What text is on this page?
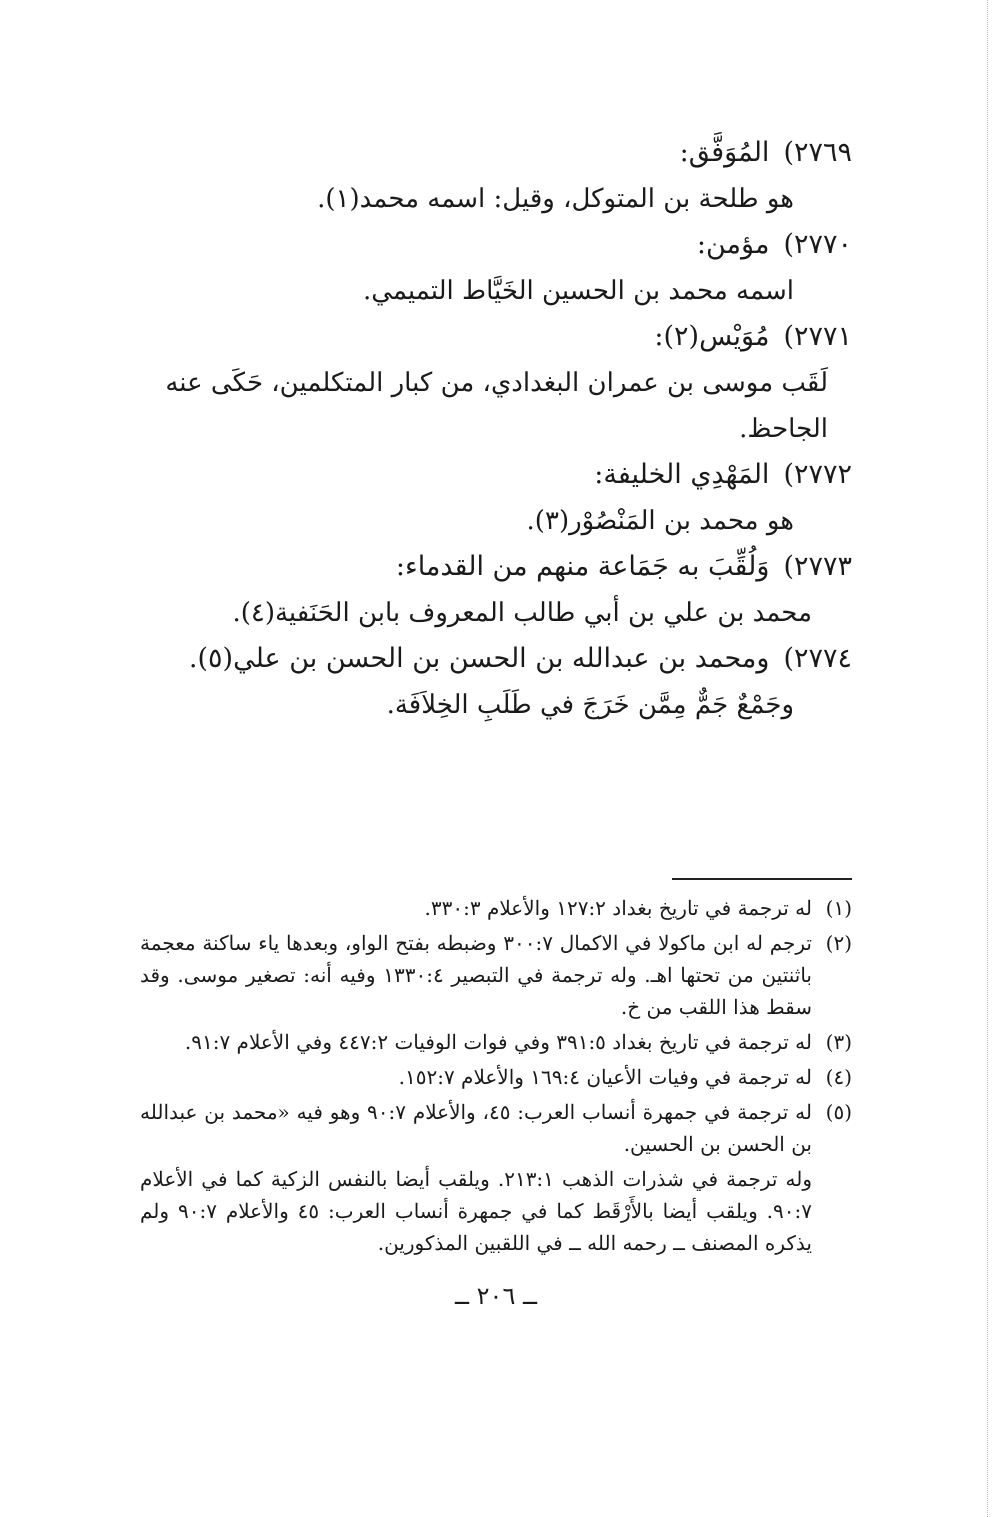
٢٧٦٩)
المُوَفَّق:
هو طلحة بن المتوكل، وقيل: اسمه محمد(١).
٢٧٧٠)
مؤمن:
اسمه محمد بن الحسين الخَيَّاط التميمي.
٢٧٧١)
مُوَيْس(٢):
لَقَب موسى بن عمران البغدادي، من كبار المتكلمين، حَكَى عنه
الجاحظ.
٢٧٧٢)
المَهْدِي الخليفة:
هو محمد بن المَنْصُوْر(٣).
٢٧٧٣)
وَلُقِّبَ به جَمَاعة منهم من القدماء:
محمد بن علي بن أبي طالب المعروف بابن الحَنَفية(٤).
٢٧٧٤)
ومحمد بن عبدالله بن الحسن بن الحسن بن علي(٥).
وجَمْعٌ جَمٌّ مِمَّن خَرَجَ في طَلَبِ الخِلاَفَة.
(١)
له ترجمة في تاريخ بغداد ١٢٧:٢ والأعلام ٣٣٠:٣.
(٢)
ترجم له ابن ماكولا في الاكمال ٣٠٠:٧ وضبطه بفتح الواو، وبعدها ياء ساكنة معجمة باثنتين من تحتها اهـ. وله ترجمة في التبصير ١٣٣٠:٤ وفيه أنه: تصغير موسى. وقد سقط هذا اللقب من خ.
(٣)
له ترجمة في تاريخ بغداد ٣٩١:٥ وفي فوات الوفيات ٤٤٧:٢ وفي الأعلام ٩١:٧.
(٤)
له ترجمة في وفيات الأعيان ١٦٩:٤ والأعلام ١٥٢:٧.
(٥)
له ترجمة في جمهرة أنساب العرب: ٤٥، والأعلام ٩٠:٧ وهو فيه «محمد بن عبدالله بن الحسن بن الحسين.
وله ترجمة في شذرات الذهب ٢١٣:١. ويلقب أيضا بالنفس الزكية كما في الأعلام ٩٠:٧. ويلقب أيضا بالأَرْقَط كما في جمهرة أنساب العرب: ٤٥ والأعلام ٩٠:٧ ولم يذكره المصنف ــ رحمه الله ــ في اللقبين المذكورين.
ــ ٢٠٦ ــ
